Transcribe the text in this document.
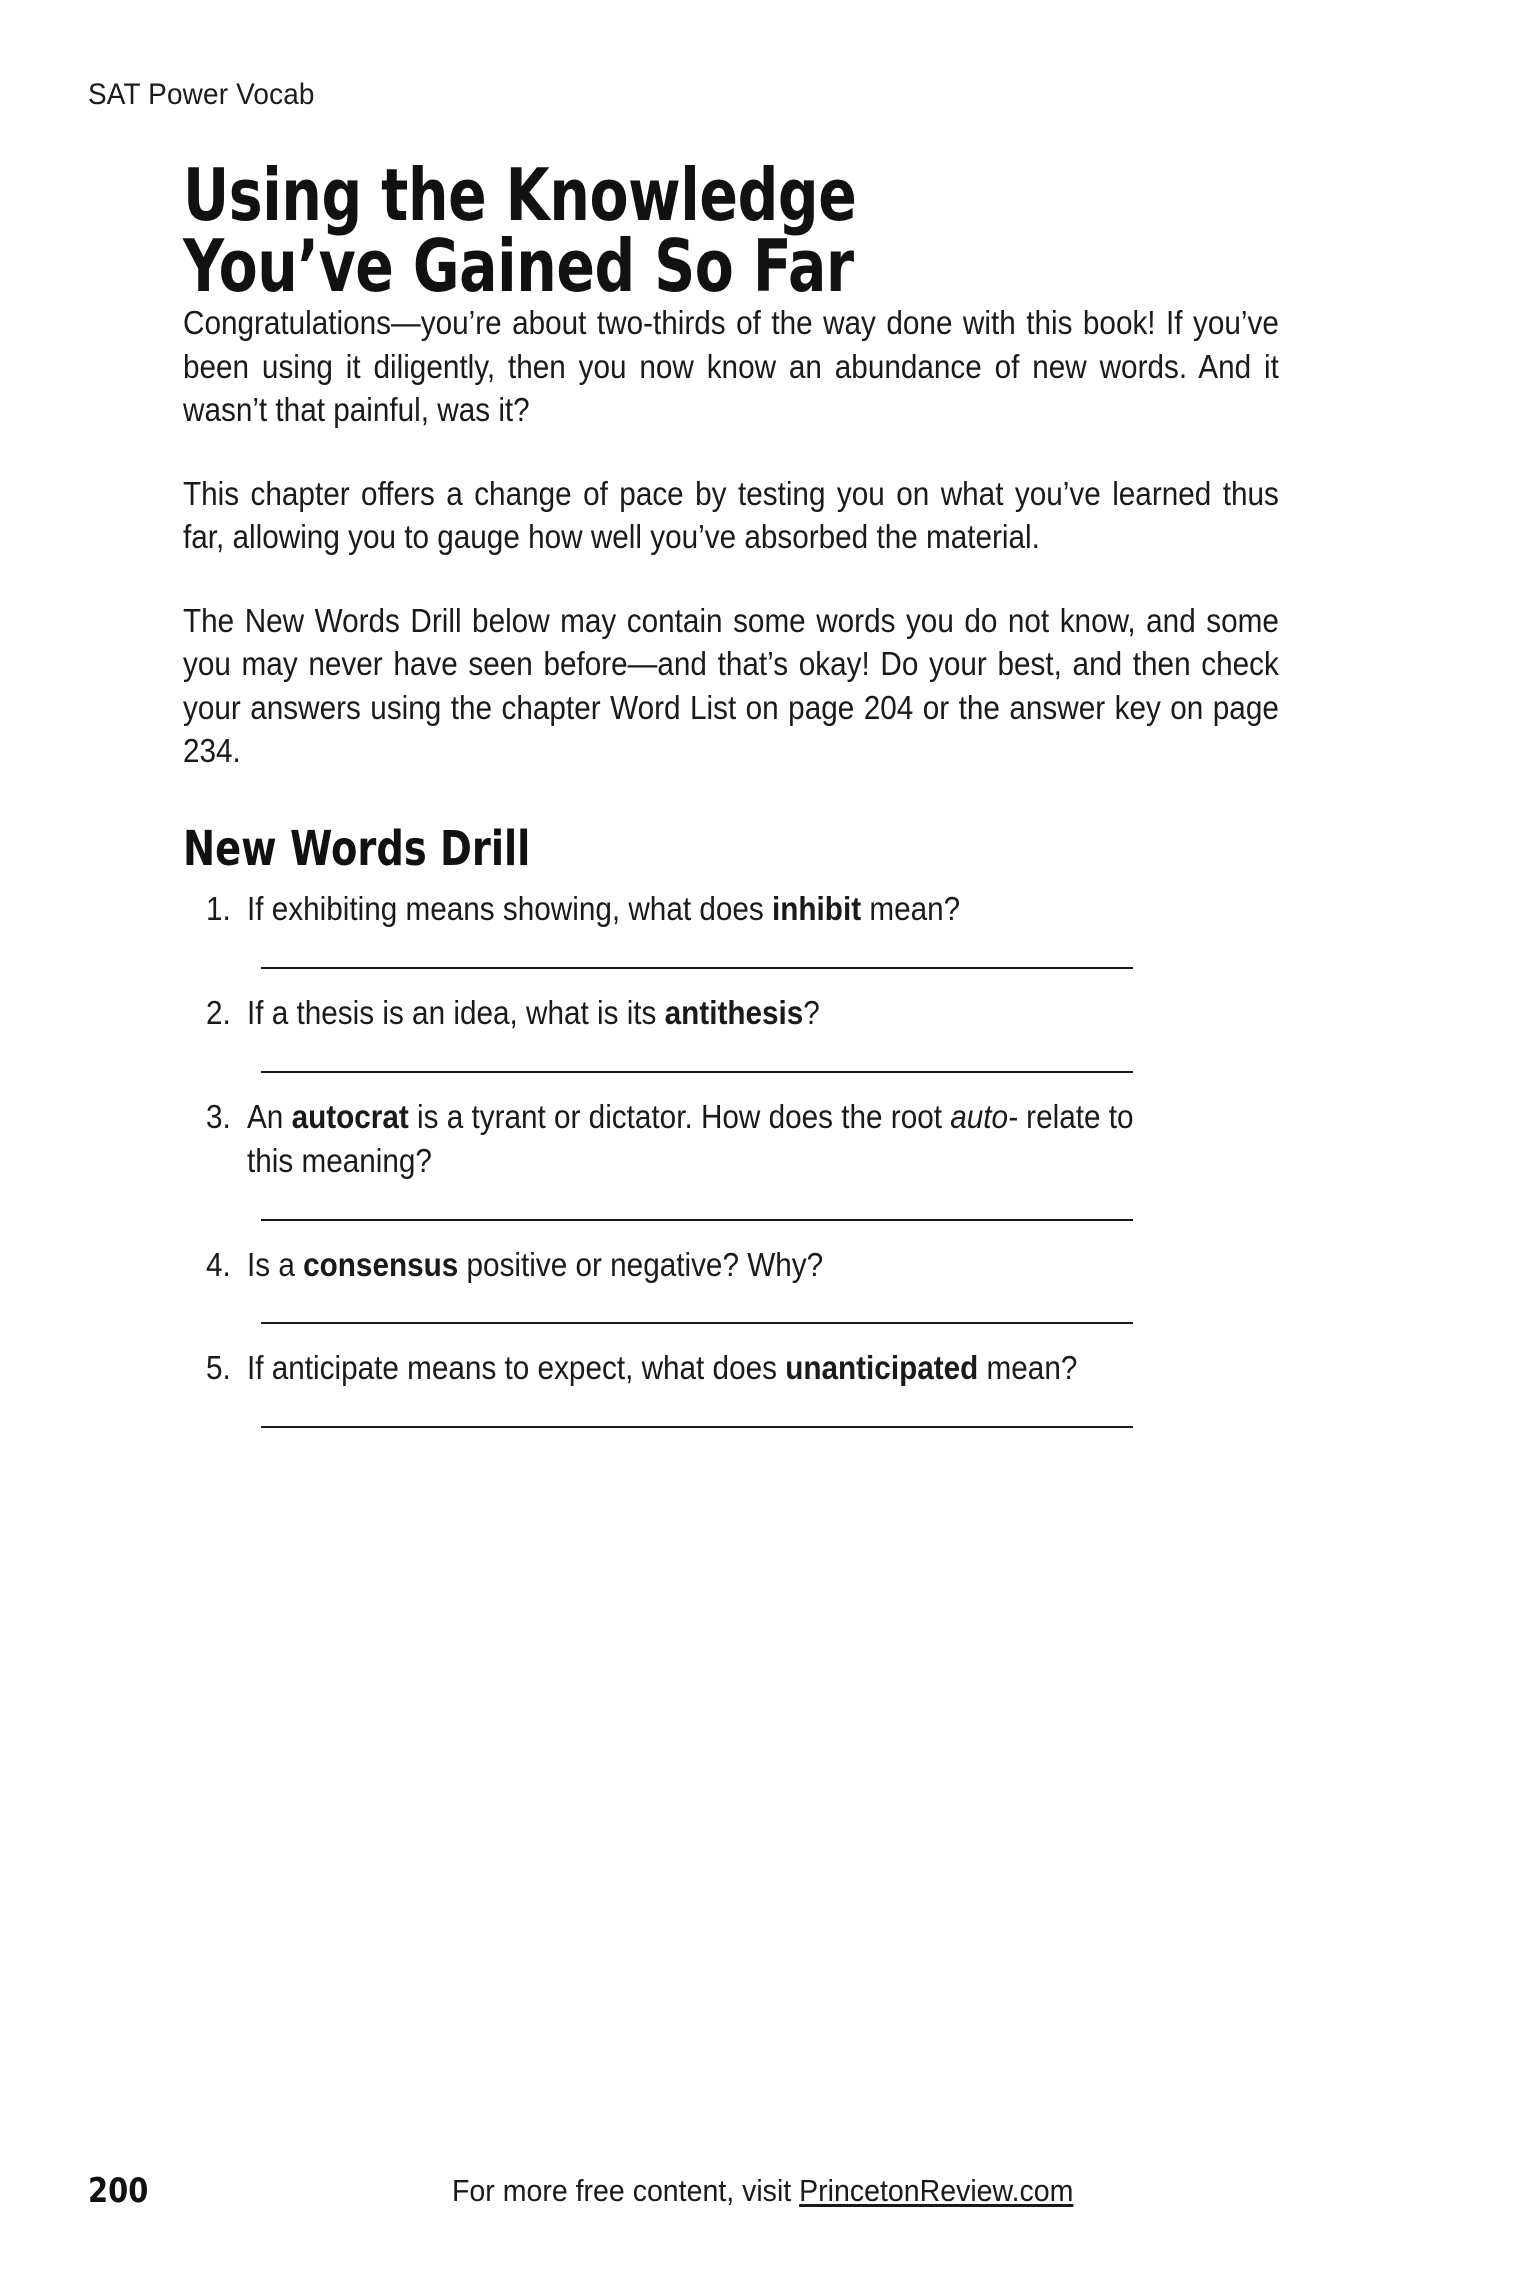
SAT Power Vocab
Using the Knowledge
You’ve Gained So Far

Congratulations—you’re about two-thirds of the way done with this book! If you’ve been using it diligently, then you now know an abundance of new words. And it wasn’t that painful, was it?

This chapter offers a change of pace by testing you on what you’ve learned thus far, allowing you to gauge how well you’ve absorbed the material.

The New Words Drill below may contain some words you do not know, and some you may never have seen before—and that’s okay! Do your best, and then check your answers using the chapter Word List on page 204 or the answer key on page 234.

New Words Drill
1. If exhibiting means showing, what does inhibit mean?
2. If a thesis is an idea, what is its antithesis?
3. An autocrat is a tyrant or dictator. How does the root auto- relate to this meaning?
4. Is a consensus positive or negative? Why?
5. If anticipate means to expect, what does unanticipated mean?
200	For more free content, visit PrincetonReview.com
